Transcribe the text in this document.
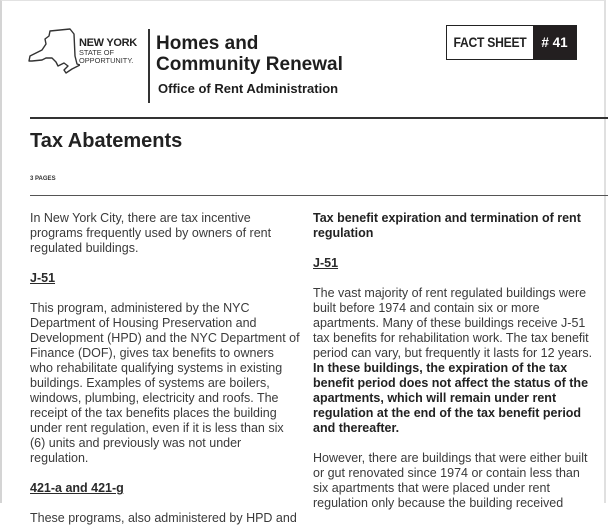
NEW YORK
STATE OF
OPPORTUNITY.
Homes and
Community Renewal
Office of Rent Administration
FACT SHEET	# 41
Tax Abatements
3 PAGES

In New York City, there are tax incentive programs frequently used by owners of rent regulated buildings.

J-51

This program, administered by the NYC Department of Housing Preservation and Development (HPD) and the NYC Department of Finance (DOF), gives tax benefits to owners who rehabilitate qualifying systems in existing buildings. Examples of systems are boilers, windows, plumbing, electricity and roofs. The receipt of the tax benefits places the building under rent regulation, even if it is less than six (6) units and previously was not under regulation.

421-a and 421-g

These programs, also administered by HPD and

Tax benefit expiration and termination of rent regulation

J-51

The vast majority of rent regulated buildings were built before 1974 and contain six or more apartments. Many of these buildings receive J-51 tax benefits for rehabilitation work. The tax benefit period can vary, but frequently it lasts for 12 years. In these buildings, the expiration of the tax benefit period does not affect the status of the apartments, which will remain under rent regulation at the end of the tax benefit period and thereafter.

However, there are buildings that were either built or gut renovated since 1974 or contain less than six apartments that were placed under rent regulation only because the building received
